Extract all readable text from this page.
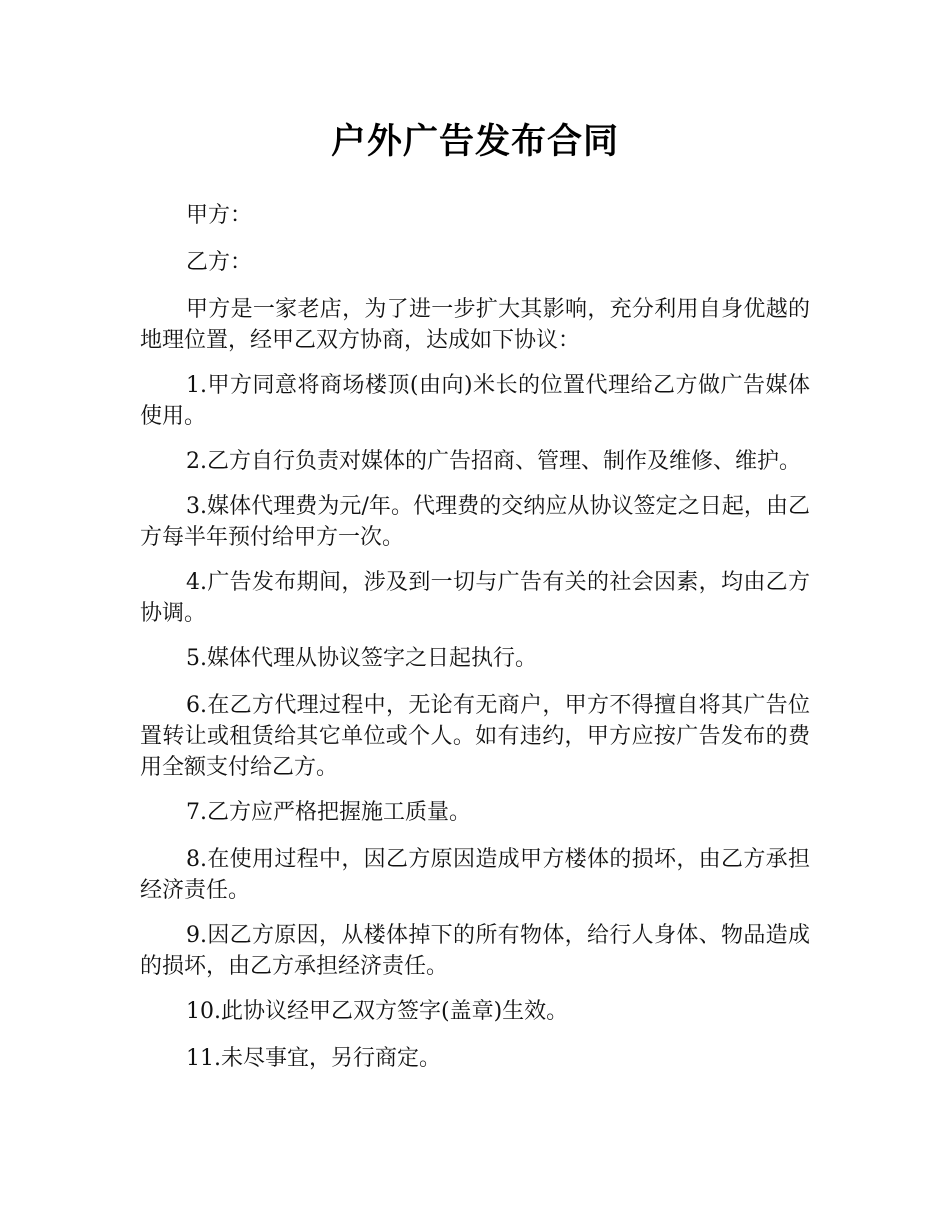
户外广告发布合同

甲方：

乙方：

甲方是一家老店，为了进一步扩大其影响，充分利用自身优越的地理位置，经甲乙双方协商，达成如下协议：

1.甲方同意将商场楼顶(由向)米长的位置代理给乙方做广告媒体使用。

2.乙方自行负责对媒体的广告招商、管理、制作及维修、维护。

3.媒体代理费为元/年。代理费的交纳应从协议签定之日起，由乙方每半年预付给甲方一次。

4.广告发布期间，涉及到一切与广告有关的社会因素，均由乙方协调。

5.媒体代理从协议签字之日起执行。

6.在乙方代理过程中，无论有无商户，甲方不得擅自将其广告位置转让或租赁给其它单位或个人。如有违约，甲方应按广告发布的费用全额支付给乙方。

7.乙方应严格把握施工质量。

8.在使用过程中，因乙方原因造成甲方楼体的损坏，由乙方承担经济责任。

9.因乙方原因，从楼体掉下的所有物体，给行人身体、物品造成的损坏，由乙方承担经济责任。

10.此协议经甲乙双方签字(盖章)生效。

11.未尽事宜，另行商定。
